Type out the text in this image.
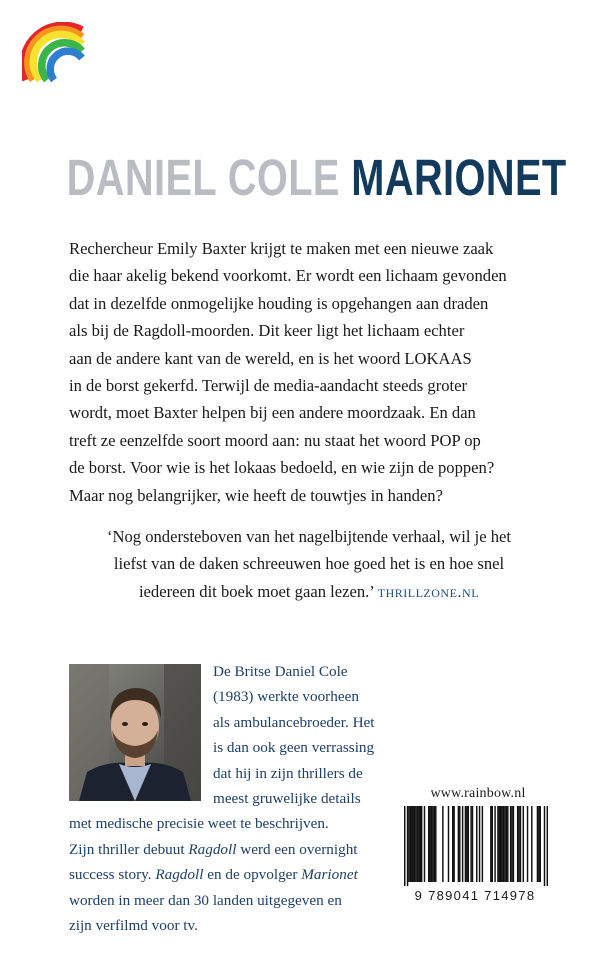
DANIEL COLE MARIONET

Rechercheur Emily Baxter krijgt te maken met een nieuwe zaak

die haar akelig bekend voorkomt. Er wordt een lichaam gevonden

dat in dezelfde onmogelijke houding is opgehangen aan draden

als bij de Ragdoll-moorden. Dit keer ligt het lichaam echter

aan de andere kant van de wereld, en is het woord LOKAAS

in de borst gekerfd. Terwijl de media-aandacht steeds groter

wordt, moet Baxter helpen bij een andere moordzaak. En dan

treft ze eenzelfde soort moord aan: nu staat het woord POP op

de borst. Voor wie is het lokaas bedoeld, en wie zijn de poppen?

Maar nog belangrijker, wie heeft de touwtjes in handen?

‘Nog ondersteboven van het nagelbijtende verhaal, wil je het

liefst van de daken schreeuwen hoe goed het is en hoe snel

iedereen dit boek moet gaan lezen.’ thrillzone.nl

De Britse Daniel Cole

(1983) werkte voorheen

als ambulancebroeder. Het

is dan ook geen verrassing

dat hij in zijn thrillers de

meest gruwelijke details

met medische precisie weet te beschrijven.

Zijn thriller debuut Ragdoll werd een overnight

success story. Ragdoll en de opvolger Marionet

worden in meer dan 30 landen uitgegeven en

zijn verfilmd voor tv.

www.rainbow.nl
9 789041 714978
